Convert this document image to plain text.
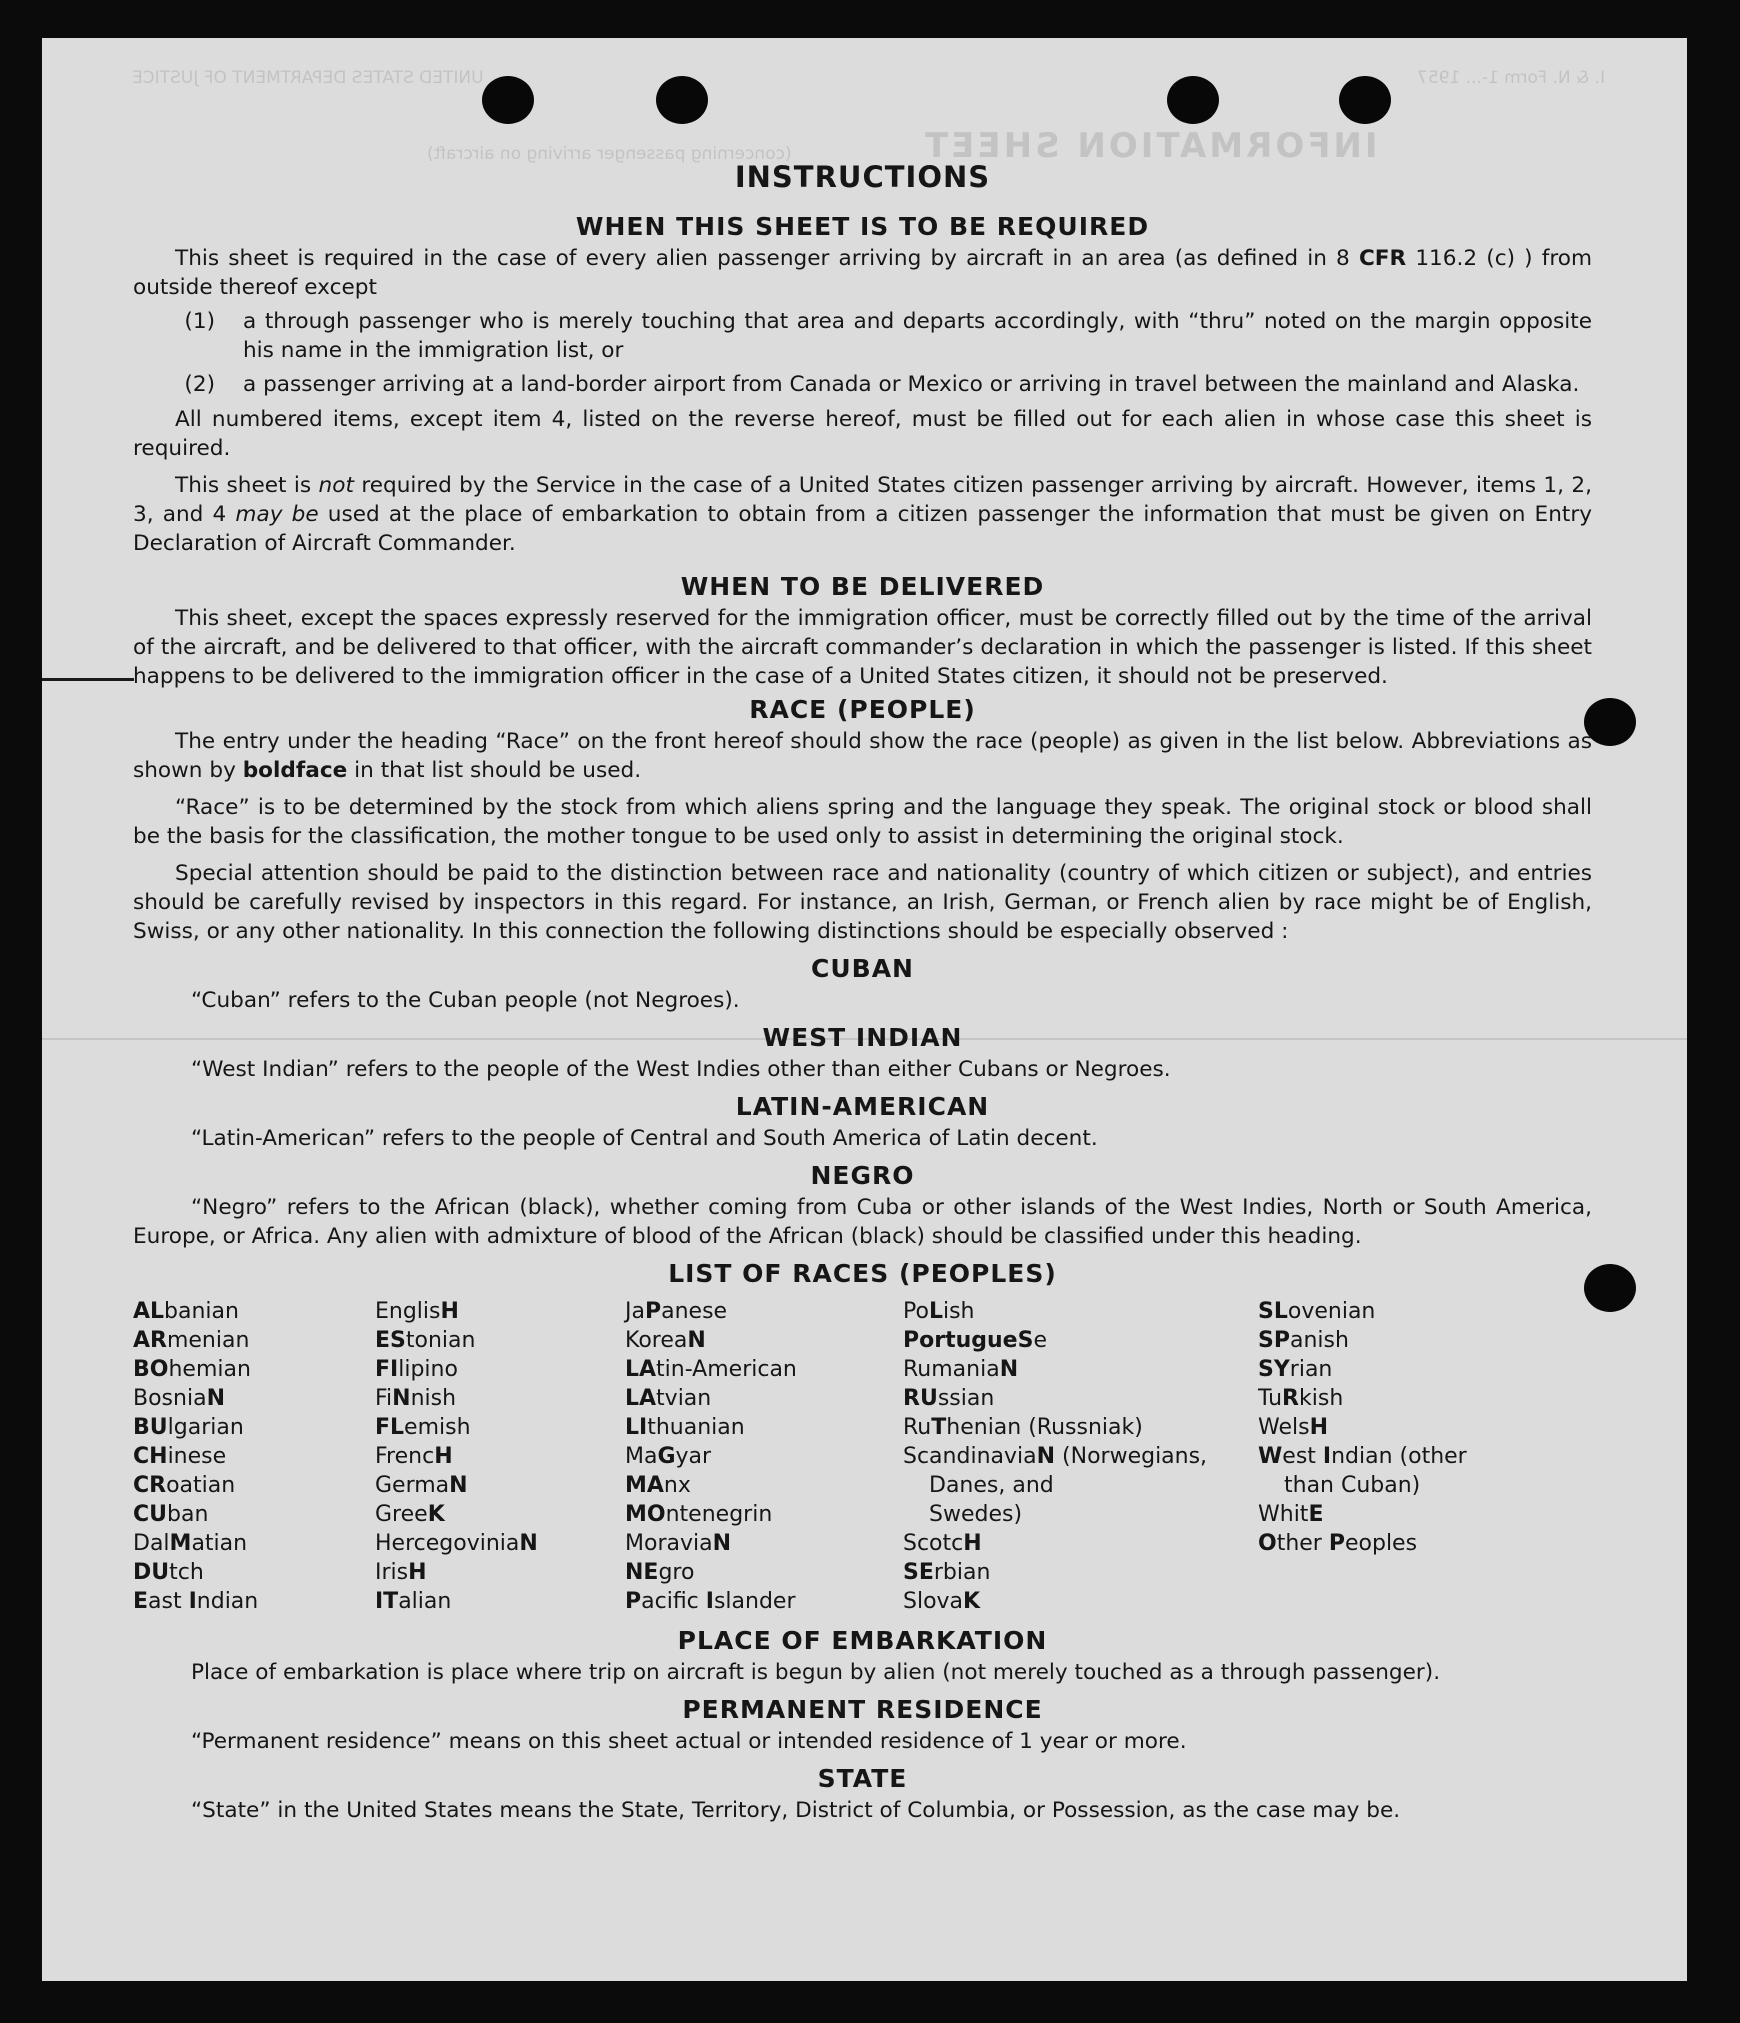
UNITED STATES DEPARTMENT OF JUSTICE	I. & N. Form 1-... 1957
INFORMATION SHEET
(concerning passenger arriving on aircraft)
INSTRUCTIONS
WHEN THIS SHEET IS TO BE REQUIRED

This sheet is required in the case of every alien passenger arriving by aircraft in an area (as defined in 8 CFR 116.2 (c) ) from outside thereof except

(1)	a through passenger who is merely touching that area and departs accordingly, with “thru” noted on the margin opposite his name in the immigration list, or
(2)	a passenger arriving at a land-border airport from Canada or Mexico or arriving in travel between the mainland and Alaska.

All numbered items, except item 4, listed on the reverse hereof, must be filled out for each alien in whose case this sheet is required.

This sheet is not required by the Service in the case of a United States citizen passenger arriving by aircraft. However, items 1, 2, 3, and 4 may be used at the place of embarkation to obtain from a citizen passenger the information that must be given on Entry Declaration of Aircraft Commander.

WHEN TO BE DELIVERED

This sheet, except the spaces expressly reserved for the immigration officer, must be correctly filled out by the time of the arrival of the aircraft, and be delivered to that officer, with the aircraft commander’s declaration in which the passenger is listed. If this sheet happens to be delivered to the immigration officer in the case of a United States citizen, it should not be preserved.

RACE (PEOPLE)

The entry under the heading “Race” on the front hereof should show the race (people) as given in the list below. Abbreviations as shown by boldface in that list should be used.

“Race” is to be determined by the stock from which aliens spring and the language they speak. The original stock or blood shall be the basis for the classification, the mother tongue to be used only to assist in determining the original stock.

Special attention should be paid to the distinction between race and nationality (country of which citizen or subject), and entries should be carefully revised by inspectors in this regard. For instance, an Irish, German, or French alien by race might be of English, Swiss, or any other nationality. In this connection the following distinctions should be especially observed :

CUBAN

“Cuban” refers to the Cuban people (not Negroes).

WEST INDIAN

“West Indian” refers to the people of the West Indies other than either Cubans or Negroes.

LATIN-AMERICAN

“Latin-American” refers to the people of Central and South America of Latin decent.

NEGRO

“Negro” refers to the African (black), whether coming from Cuba or other islands of the West Indies, North or South America, Europe, or Africa. Any alien with admixture of blood of the African (black) should be classified under this heading.

LIST OF RACES (PEOPLES)
ALbanian
ARmenian
BOhemian
BosniaN
BUlgarian
CHinese
CRoatian
CUban
DalMatian
DUtch
East Indian
EnglisH
EStonian
FIlipino
FiNnish
FLemish
FrencH
GermaN
GreeK
HercegoviniaN
IrisH
ITalian
JaPanese
KoreaN
LAtin-American
LAtvian
LIthuanian
MaGyar
MAnx
MOntenegrin
MoraviaN
NEgro
Pacific Islander
PoLish
PortugueSe
RumaniaN
RUssian
RuThenian (Russniak)
ScandinaviaN (Norwegians,
Danes, and
Swedes)
ScotcH
SErbian
SlovaK
SLovenian
SPanish
SYrian
TuRkish
WelsH
West Indian (other
than Cuban)
WhitE
Other Peoples
PLACE OF EMBARKATION

Place of embarkation is place where trip on aircraft is begun by alien (not merely touched as a through passenger).

PERMANENT RESIDENCE

“Permanent residence” means on this sheet actual or intended residence of 1 year or more.

STATE

“State” in the United States means the State, Territory, District of Columbia, or Possession, as the case may be.
